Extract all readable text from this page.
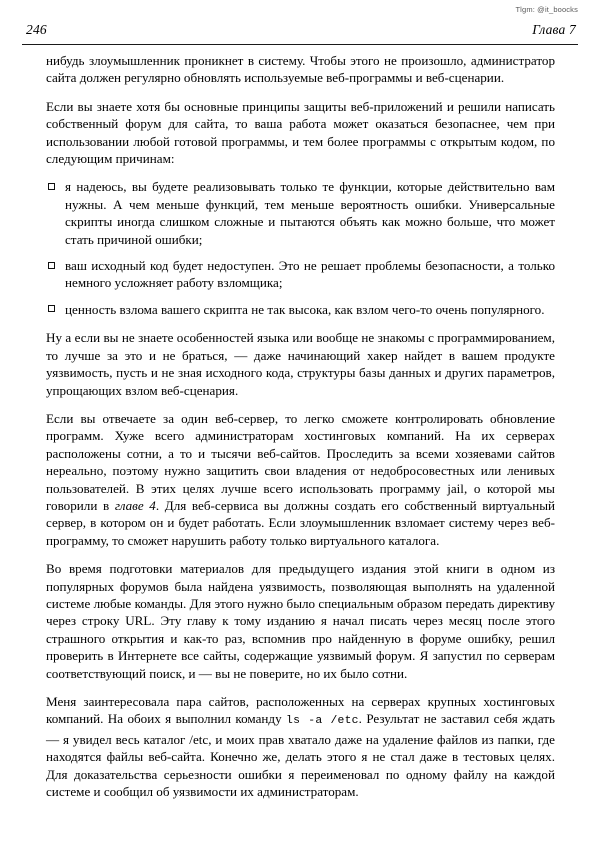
Tlgm: @it_boocks
246	Глава 7

нибудь злоумышленник проникнет в систему. Чтобы этого не произошло, администратор сайта должен регулярно обновлять используемые веб-программы и веб-сценарии.

Если вы знаете хотя бы основные принципы защиты веб-приложений и решили написать собственный форум для сайта, то ваша работа может оказаться безопаснее, чем при использовании любой готовой программы, и тем более программы с открытым кодом, по следующим причинам:

я надеюсь, вы будете реализовывать только те функции, которые действительно вам нужны. А чем меньше функций, тем меньше вероятность ошибки. Универсальные скрипты иногда слишком сложные и пытаются объять как можно больше, что может стать причиной ошибки;
ваш исходный код будет недоступен. Это не решает проблемы безопасности, а только немного усложняет работу взломщика;
ценность взлома вашего скрипта не так высока, как взлом чего-то очень популярного.

Ну а если вы не знаете особенностей языка или вообще не знакомы с программированием, то лучше за это и не браться, — даже начинающий хакер найдет в вашем продукте уязвимость, пусть и не зная исходного кода, структуры базы данных и других параметров, упрощающих взлом веб-сценария.

Если вы отвечаете за один веб-сервер, то легко сможете контролировать обновление программ. Хуже всего администраторам хостинговых компаний. На их серверах расположены сотни, а то и тысячи веб-сайтов. Проследить за всеми хозяевами сайтов нереально, поэтому нужно защитить свои владения от недобросовестных или ленивых пользователей. В этих целях лучше всего использовать программу jail, о которой мы говорили в главе 4. Для веб-сервиса вы должны создать его собственный виртуальный сервер, в котором он и будет работать. Если злоумышленник взломает систему через веб-программу, то сможет нарушить работу только виртуального каталога.

Во время подготовки материалов для предыдущего издания этой книги в одном из популярных форумов была найдена уязвимость, позволяющая выполнять на удаленной системе любые команды. Для этого нужно было специальным образом передать директиву через строку URL. Эту главу к тому изданию я начал писать через месяц после этого страшного открытия и как-то раз, вспомнив про найденную в форуме ошибку, решил проверить в Интернете все сайты, содержащие уязвимый форум. Я запустил по серверам соответствующий поиск, и — вы не поверите, но их было сотни.

Меня заинтересовала пара сайтов, расположенных на серверах крупных хостинговых компаний. На обоих я выполнил команду ls -a /etc. Результат не заставил себя ждать — я увидел весь каталог /etc, и моих прав хватало даже на удаление файлов из папки, где находятся файлы веб-сайта. Конечно же, делать этого я не стал даже в тестовых целях. Для доказательства серьезности ошибки я переименовал по одному файлу на каждой системе и сообщил об уязвимости их администраторам.
